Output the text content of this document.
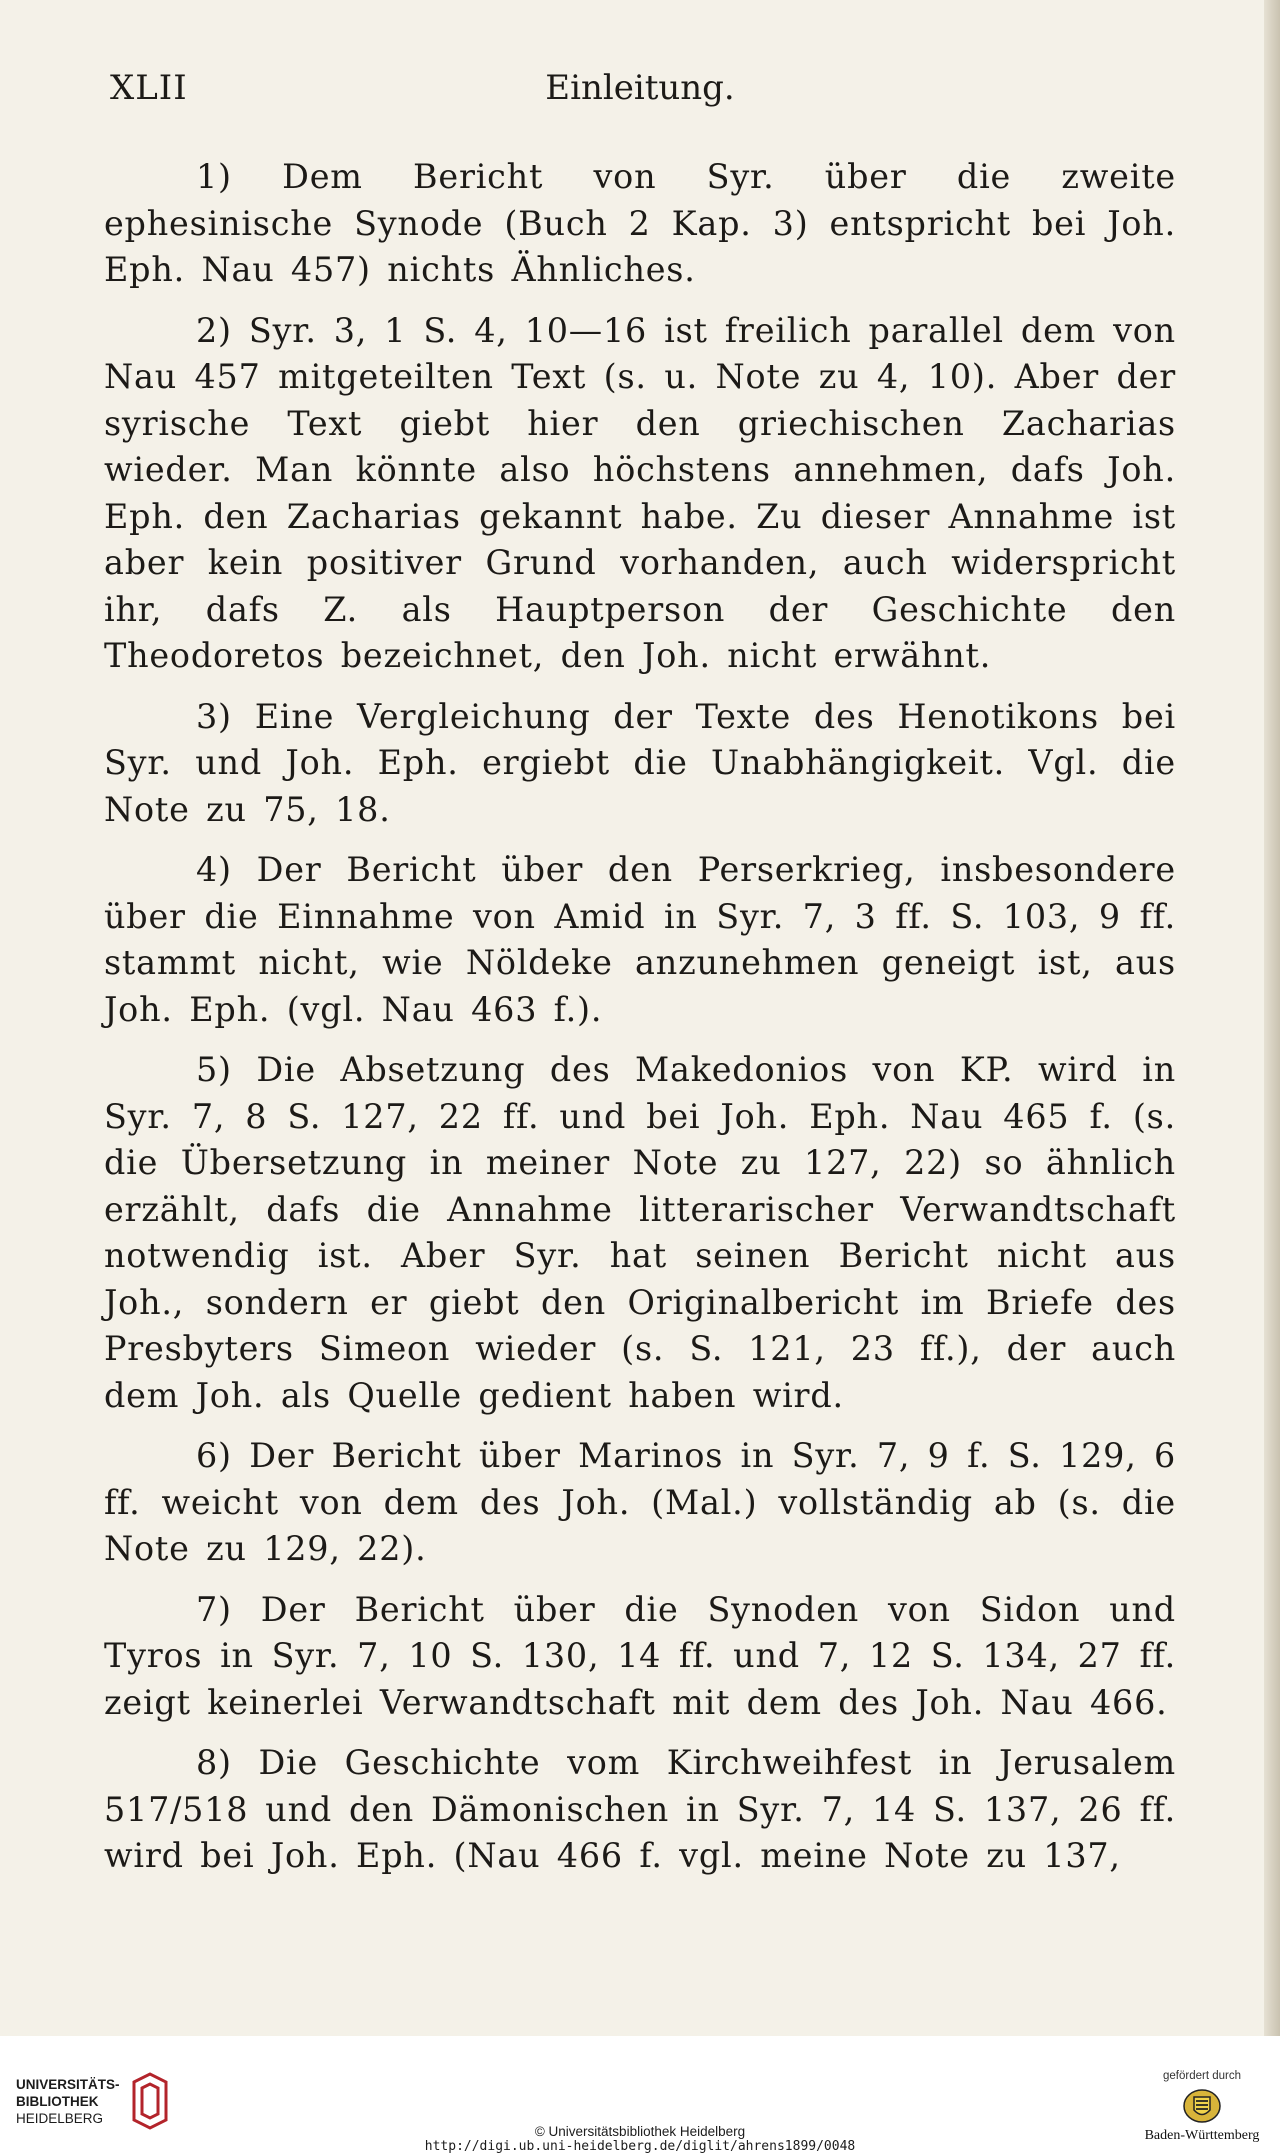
XLII	Einleitung.

1) Dem Bericht von Syr. über die zweite ephesinische Synode (Buch 2 Kap. 3) entspricht bei Joh. Eph. Nau 457) nichts Ähnliches.

2) Syr. 3, 1 S. 4, 10—16 ist freilich parallel dem von Nau 457 mitgeteilten Text (s. u. Note zu 4, 10). Aber der syrische Text giebt hier den griechischen Zacharias wieder. Man könnte also höchstens annehmen, dafs Joh. Eph. den Zacharias gekannt habe. Zu dieser Annahme ist aber kein positiver Grund vorhanden, auch widerspricht ihr, dafs Z. als Hauptperson der Geschichte den Theodoretos bezeichnet, den Joh. nicht erwähnt.

3) Eine Vergleichung der Texte des Henotikons bei Syr. und Joh. Eph. ergiebt die Unabhängigkeit. Vgl. die Note zu 75, 18.

4) Der Bericht über den Perserkrieg, insbesondere über die Einnahme von Amid in Syr. 7, 3 ff. S. 103, 9 ff. stammt nicht, wie Nöldeke anzunehmen geneigt ist, aus Joh. Eph. (vgl. Nau 463 f.).

5) Die Absetzung des Makedonios von KP. wird in Syr. 7, 8 S. 127, 22 ff. und bei Joh. Eph. Nau 465 f. (s. die Übersetzung in meiner Note zu 127, 22) so ähnlich erzählt, dafs die Annahme litterarischer Verwandtschaft notwendig ist. Aber Syr. hat seinen Bericht nicht aus Joh., sondern er giebt den Originalbericht im Briefe des Presbyters Simeon wieder (s. S. 121, 23 ff.), der auch dem Joh. als Quelle gedient haben wird.

6) Der Bericht über Marinos in Syr. 7, 9 f. S. 129, 6 ff. weicht von dem des Joh. (Mal.) vollständig ab (s. die Note zu 129, 22).

7) Der Bericht über die Synoden von Sidon und Tyros in Syr. 7, 10 S. 130, 14 ff. und 7, 12 S. 134, 27 ff. zeigt keinerlei Verwandtschaft mit dem des Joh. Nau 466.

8) Die Geschichte vom Kirchweihfest in Jerusalem 517/518 und den Dämonischen in Syr. 7, 14 S. 137, 26 ff. wird bei Joh. Eph. (Nau 466 f. vgl. meine Note zu 137,

UNIVERSITÄTS-
BIBLIOTHEK
HEIDELBERG
© Universitätsbibliothek Heidelberg
http://digi.ub.uni-heidelberg.de/diglit/ahrens1899/0048
gefördert durch
Baden-Württemberg
